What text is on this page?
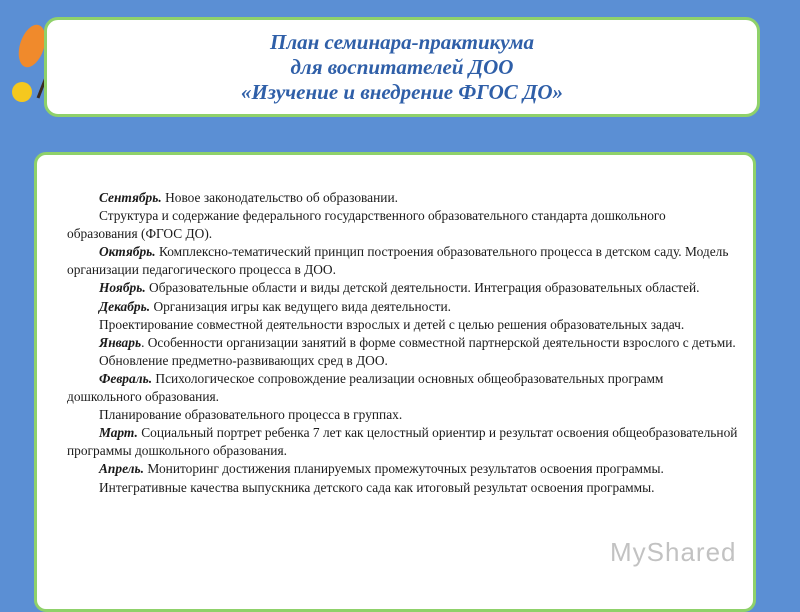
План семинара-практикума
для воспитателей ДОО
«Изучение и внедрение ФГОС ДО»

Сентябрь. Новое законодательство об образовании.

Структура и содержание федерального государственного образовательного стандарта дошкольного образования (ФГОС ДО).

Октябрь. Комплексно-тематический принцип построения образовательного процесса в детском саду. Модель организации педагогического процесса в ДОО.

Ноябрь. Образовательные области и виды детской деятельности. Интеграция образовательных областей.

Декабрь. Организация игры как ведущего вида деятельности.

Проектирование совместной деятельности взрослых и детей с целью решения образовательных задач.

Январь. Особенности организации занятий в форме совместной партнерской деятельности взрослого с детьми.

Обновление предметно-развивающих сред в ДОО.

Февраль. Психологическое сопровождение реализации основных общеобразовательных программ дошкольного образования.

Планирование образовательного процесса в группах.

Март. Социальный портрет ребенка 7 лет как целостный ориентир и результат освоения общеобразовательной программы дошкольного образования.

Апрель. Мониторинг достижения планируемых промежуточных результатов освоения программы.

Интегративные качества выпускника детского сада как итоговый результат освоения программы.

MyShared
